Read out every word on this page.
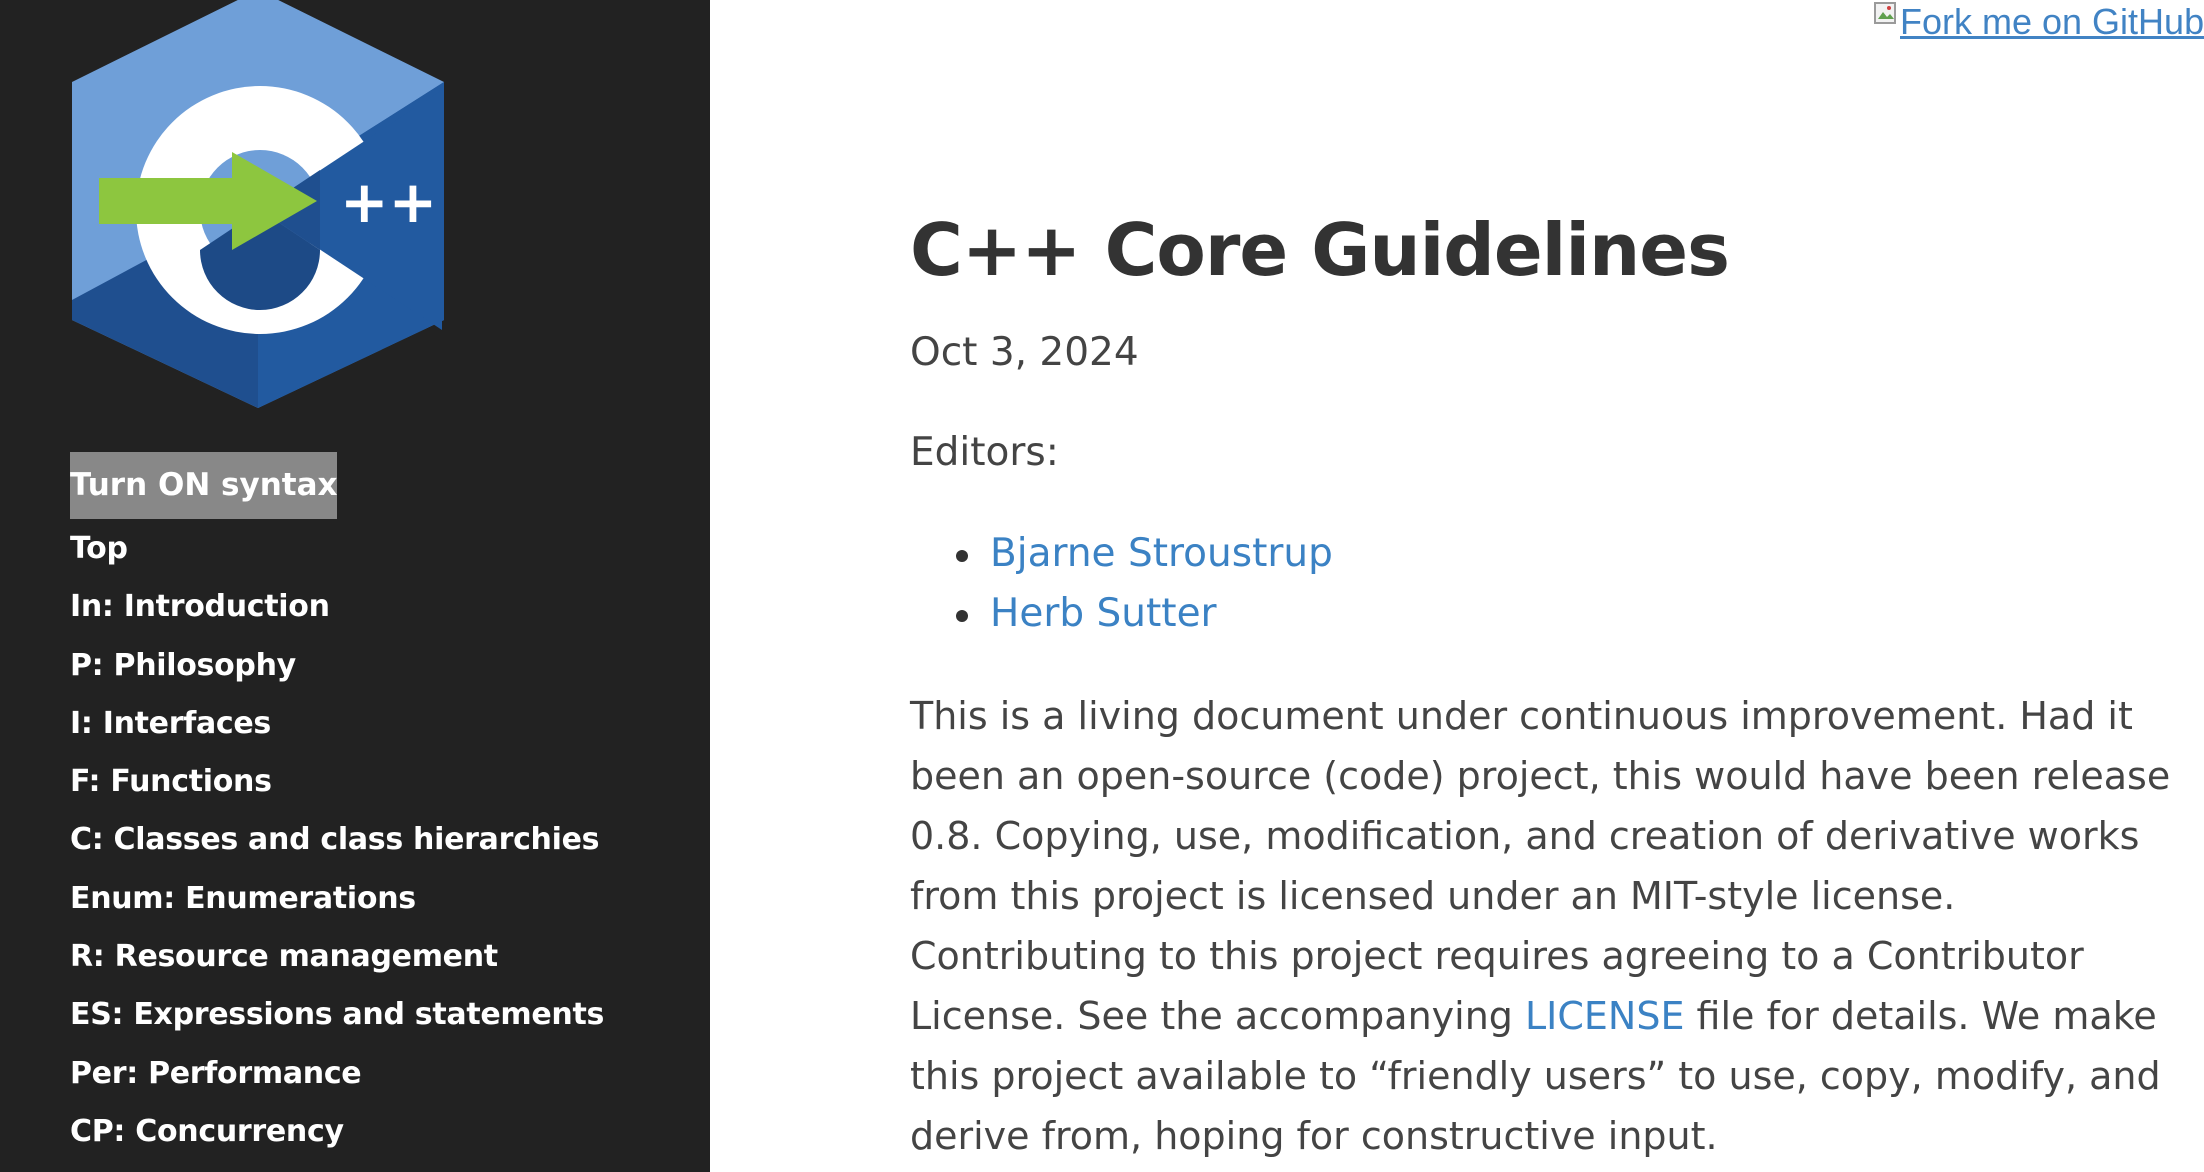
++
Turn ON syntax
Top
In: Introduction
P: Philosophy
I: Interfaces
F: Functions
C: Classes and class hierarchies
Enum: Enumerations
R: Resource management
ES: Expressions and statements
Per: Performance
CP: Concurrency
Fork me on GitHub
C++ Core Guidelines

Oct 3, 2024

Editors:

Bjarne Stroustrup
Herb Sutter

This is a living document under continuous improvement. Had it
been an open-source (code) project, this would have been release
0.8. Copying, use, modification, and creation of derivative works
from this project is licensed under an MIT-style license.
Contributing to this project requires agreeing to a Contributor
License. See the accompanying LICENSE file for details. We make
this project available to “friendly users” to use, copy, modify, and
derive from, hoping for constructive input.
